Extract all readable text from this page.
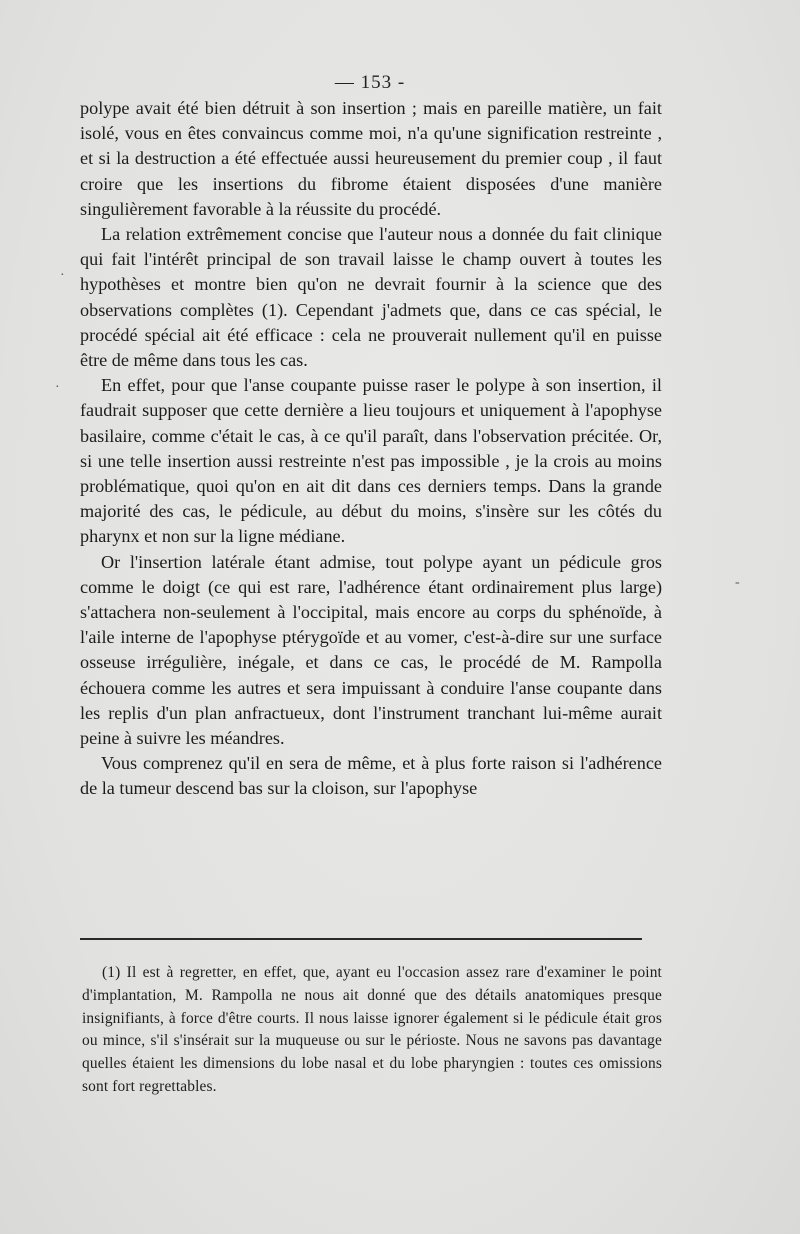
— 153 -

polype avait été bien détruit à son insertion ; mais en pareille matière, un fait isolé, vous en êtes convaincus comme moi, n'a qu'une signification restreinte , et si la destruction a été effectuée aussi heureusement du premier coup , il faut croire que les insertions du fibrome étaient disposées d'une manière singulièrement favorable à la réussite du procédé.

La relation extrêmement concise que l'auteur nous a donnée du fait clinique qui fait l'intérêt principal de son travail laisse le champ ouvert à toutes les hypothèses et montre bien qu'on ne devrait fournir à la science que des observations complètes (1). Cependant j'admets que, dans ce cas spécial, le procédé spécial ait été efficace : cela ne prouverait nullement qu'il en puisse être de même dans tous les cas.

En effet, pour que l'anse coupante puisse raser le polype à son insertion, il faudrait supposer que cette dernière a lieu toujours et uniquement à l'apophyse basilaire, comme c'était le cas, à ce qu'il paraît, dans l'observation précitée. Or, si une telle insertion aussi restreinte n'est pas impossible , je la crois au moins problématique, quoi qu'on en ait dit dans ces derniers temps. Dans la grande majorité des cas, le pédicule, au début du moins, s'insère sur les côtés du pharynx et non sur la ligne médiane.

Or l'insertion latérale étant admise, tout polype ayant un pédicule gros comme le doigt (ce qui est rare, l'adhérence étant ordinairement plus large) s'attachera non-seulement à l'occipital, mais encore au corps du sphénoïde, à l'aile interne de l'apophyse ptérygoïde et au vomer, c'est-à-dire sur une surface osseuse irrégulière, inégale, et dans ce cas, le procédé de M. Rampolla échouera comme les autres et sera impuissant à conduire l'anse coupante dans les replis d'un plan anfractueux, dont l'instrument tranchant lui-même aurait peine à suivre les méandres.

Vous comprenez qu'il en sera de même, et à plus forte raison si l'adhérence de la tumeur descend bas sur la cloison, sur l'apophyse

(1) Il est à regretter, en effet, que, ayant eu l'occasion assez rare d'examiner le point d'implantation, M. Rampolla ne nous ait donné que des détails anatomiques presque insignifiants, à force d'être courts. Il nous laisse ignorer également si le pédicule était gros ou mince, s'il s'insérait sur la muqueuse ou sur le périoste. Nous ne savons pas davantage quelles étaient les dimensions du lobe nasal et du lobe pharyngien : toutes ces omissions sont fort regrettables.

·
·
-
